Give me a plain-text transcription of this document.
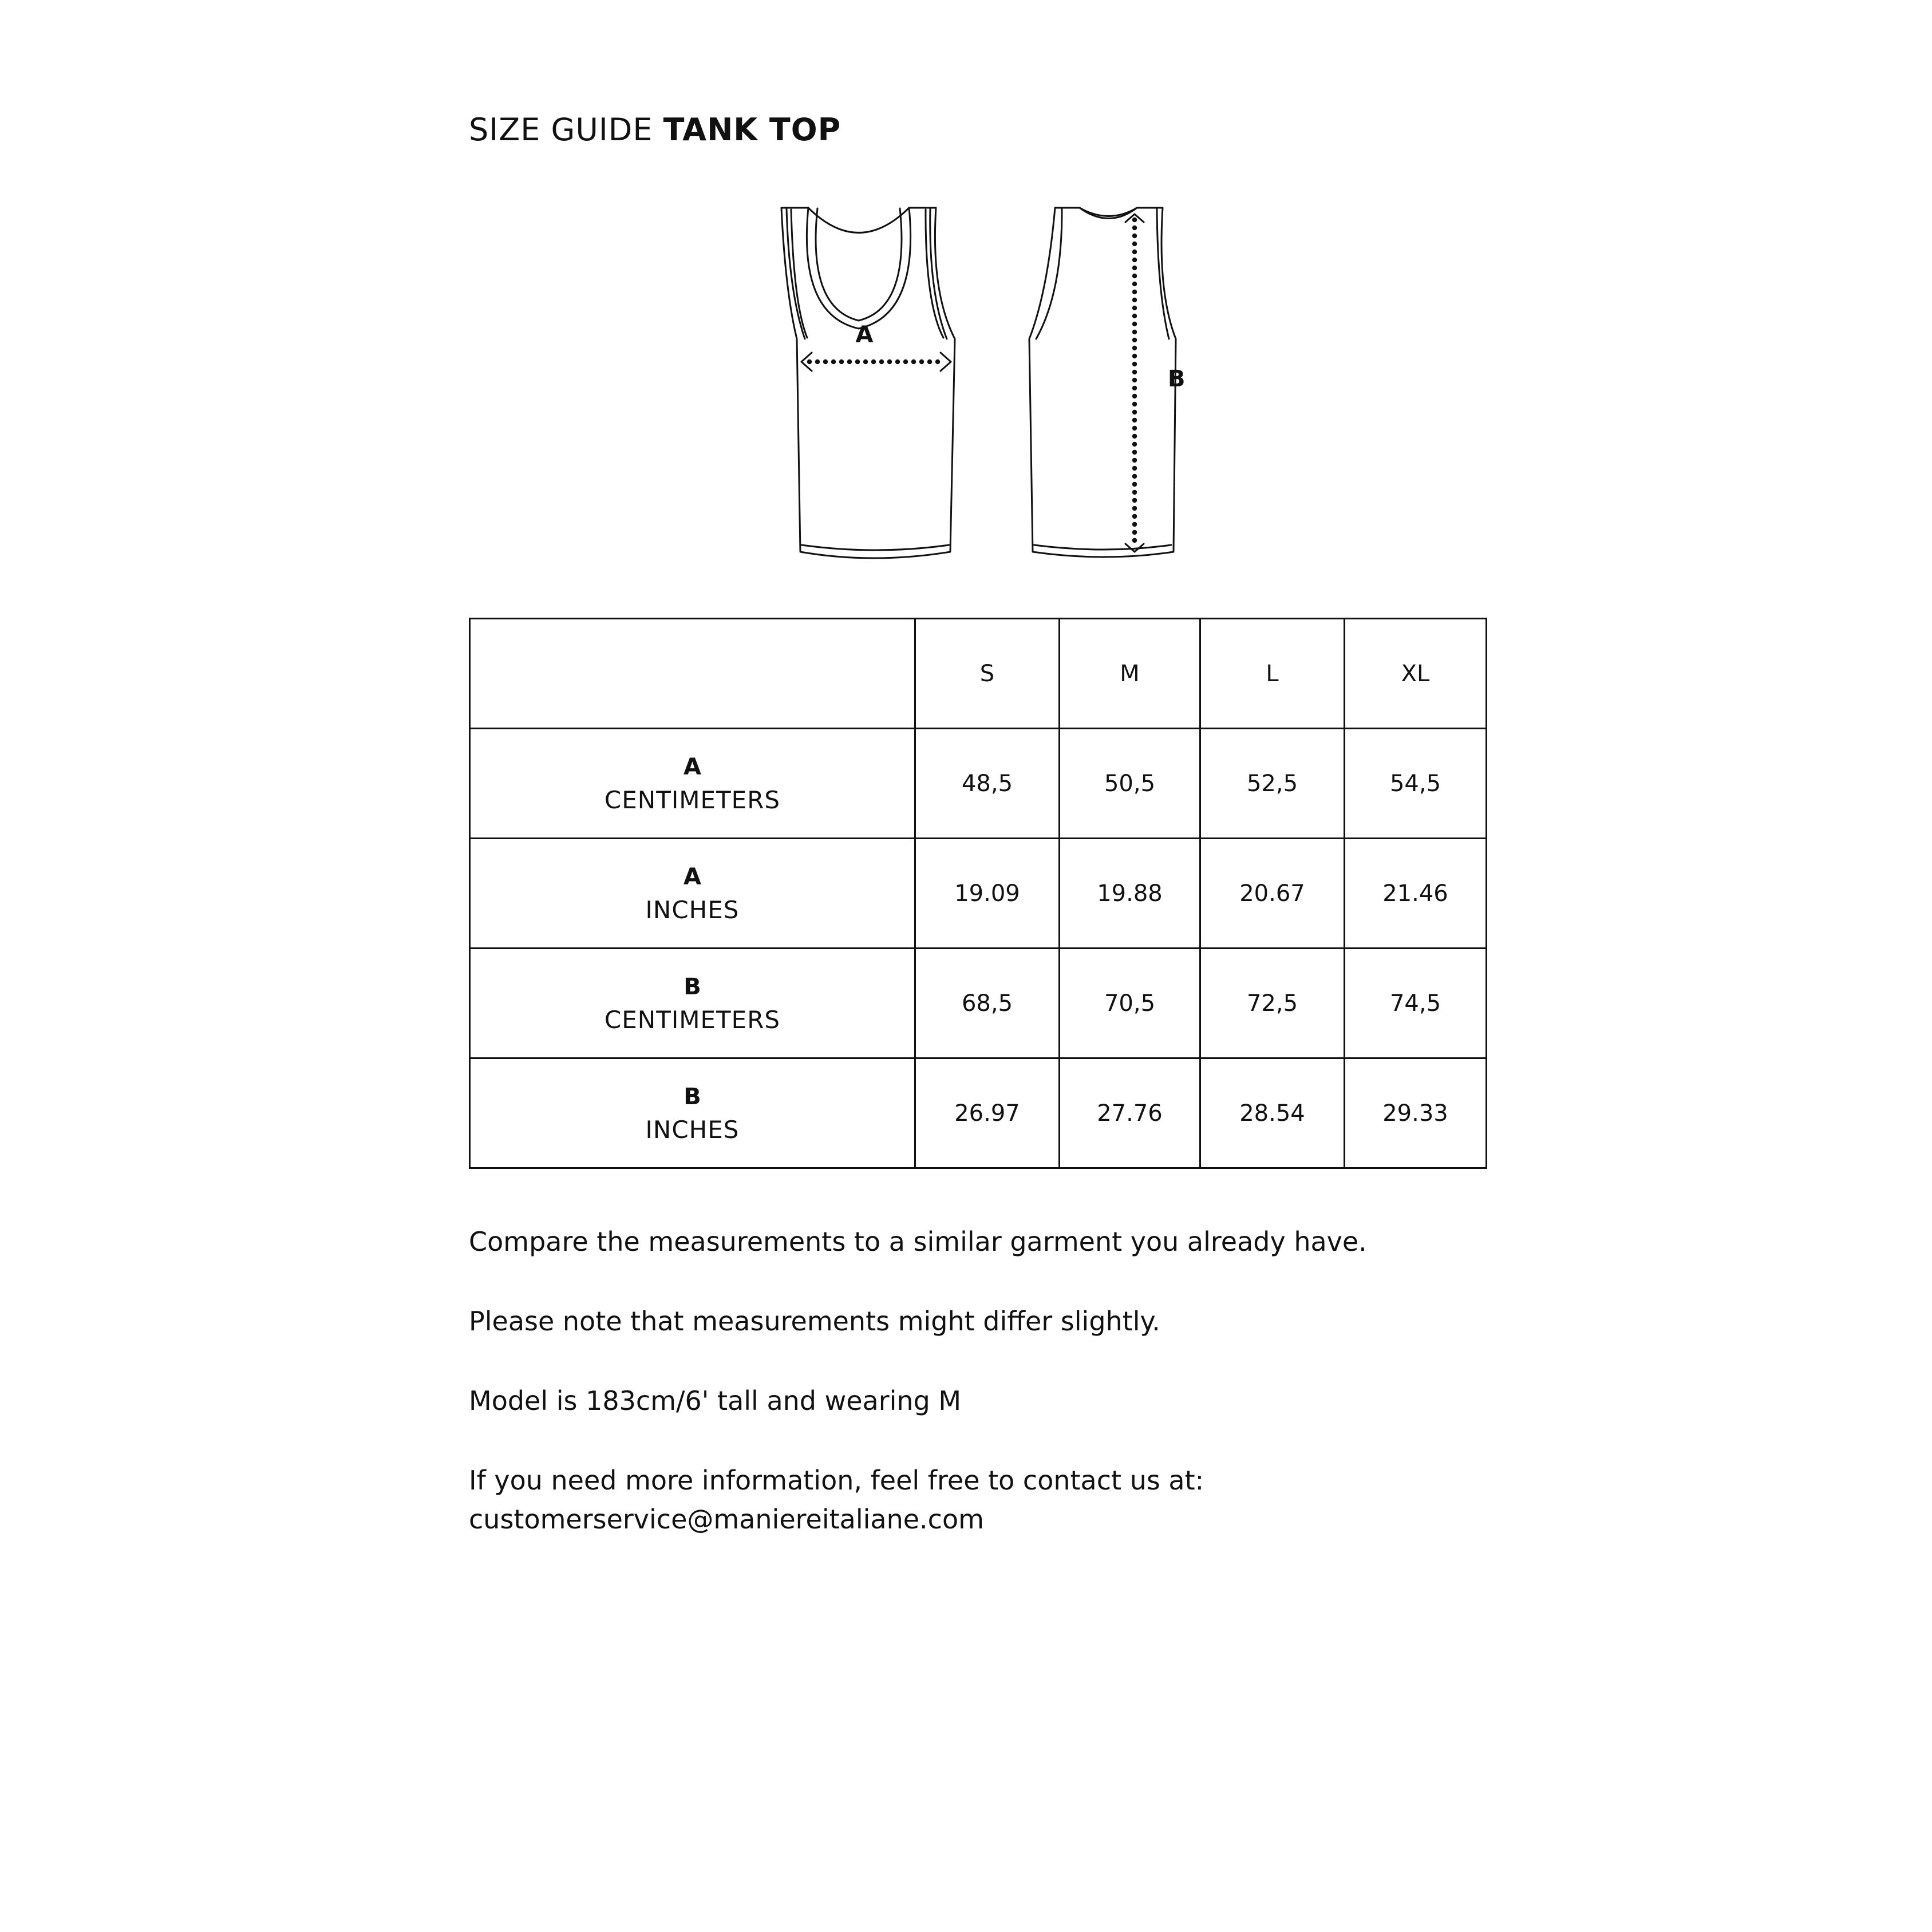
SIZE GUIDE TANK TOP
A
B
	S	M	L	XL

A
CENTIMETERS	48,5	50,5	52,5	54,5

A
INCHES	19.09	19.88	20.67	21.46

B
CENTIMETERS	68,5	70,5	72,5	74,5

B
INCHES	26.97	27.76	28.54	29.33

Compare the measurements to a similar garment you already have.

Please note that measurements might differ slightly.

Model is 183cm/6' tall and wearing M

If you need more information, feel free to contact us at:
customerservice@maniereitaliane.com
